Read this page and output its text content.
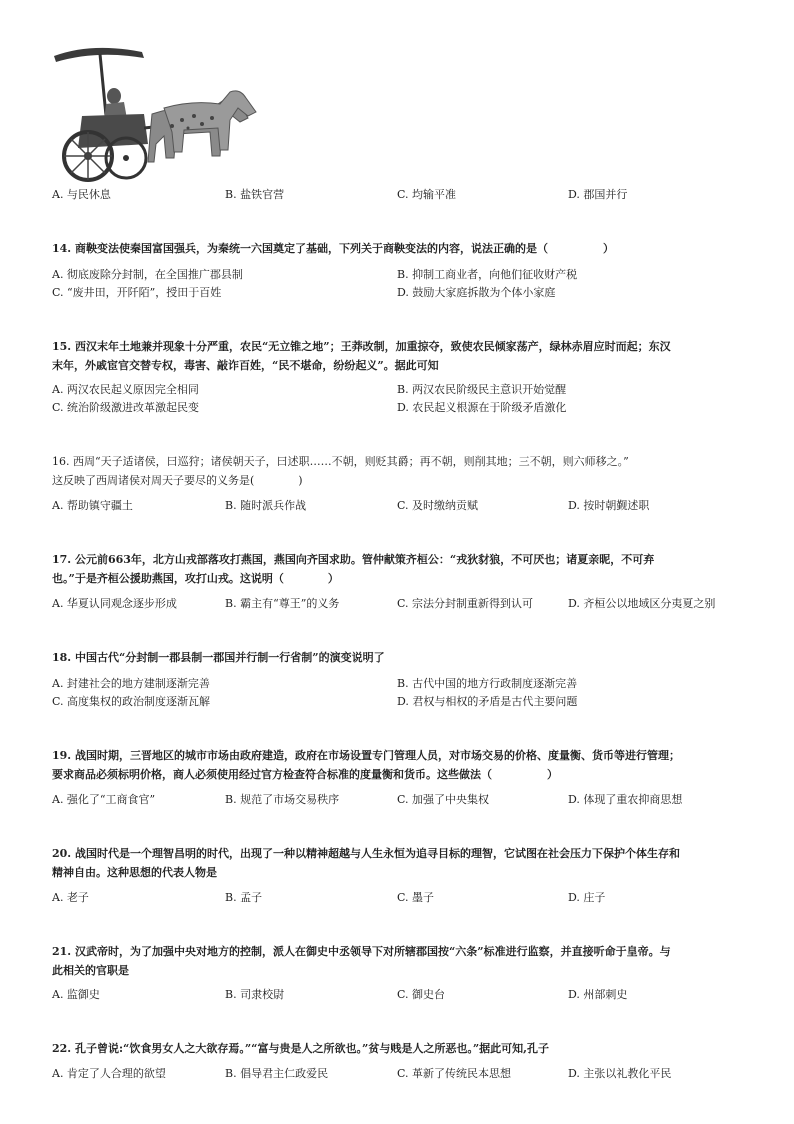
A. 与民休息	B. 盐铁官营	C. 均输平准	D. 郡国并行
14. 商鞅变法使秦国富国强兵，为秦统一六国奠定了基础，下列关于商鞅变法的内容，说法正确的是（　　　　　）
A. 彻底废除分封制，在全国推广郡县制	B. 抑制工商业者，向他们征收财产税
C. “废井田，开阡陌”，授田于百姓	D. 鼓励大家庭拆散为个体小家庭
15. 西汉末年土地兼并现象十分严重，农民“无立锥之地”；王莽改制，加重掠夺，致使农民倾家荡产，绿林赤眉应时而起；东汉
末年，外戚宦官交替专权，毒害、敲诈百姓，“民不堪命，纷纷起义”。据此可知
A. 两汉农民起义原因完全相同	B. 两汉农民阶级民主意识开始觉醒
C. 统治阶级激进改革激起民变	D. 农民起义根源在于阶级矛盾激化
16. 西周“天子适诸侯，曰巡狩；诸侯朝天子，曰述职……不朝，则贬其爵；再不朝，则削其地；三不朝，则六师移之。”
这反映了西周诸侯对周天子要尽的义务是(　　　　)
A. 帮助镇守疆土	B. 随时派兵作战	C. 及时缴纳贡赋	D. 按时朝觐述职
17. 公元前663年，北方山戎部落攻打燕国，燕国向齐国求助。管仲献策齐桓公：“戎狄豺狼，不可厌也；诸夏亲昵，不可弃
也。”于是齐桓公援助燕国，攻打山戎。这说明（　　　　）
A. 华夏认同观念逐步形成	B. 霸主有“尊王”的义务	C. 宗法分封制重新得到认可	D. 齐桓公以地域区分夷夏之别
18. 中国古代“分封制一郡县制一郡国并行制一行省制”的演变说明了
A. 封建社会的地方建制逐渐完善	B. 古代中国的地方行政制度逐渐完善
C. 高度集权的政治制度逐渐瓦解	D. 君权与相权的矛盾是古代主要问题
19. 战国时期，三晋地区的城市市场由政府建造，政府在市场设置专门管理人员，对市场交易的价格、度量衡、货币等进行管理；
要求商品必须标明价格，商人必须使用经过官方检查符合标准的度量衡和货币。这些做法（　　　　　）
A. 强化了“工商食官”	B. 规范了市场交易秩序	C. 加强了中央集权	D. 体现了重农抑商思想
20. 战国时代是一个理智昌明的时代，出现了一种以精神超越与人生永恒为追寻目标的理智，它试图在社会压力下保护个体生存和
精神自由。这种思想的代表人物是
A. 老子	B. 孟子	C. 墨子	D. 庄子
21. 汉武帝时，为了加强中央对地方的控制，派人在御史中丞领导下对所辖郡国按“六条”标准进行监察，并直接听命于皇帝。与
此相关的官职是
A. 监御史	B. 司隶校尉	C. 御史台	D. 州部刺史
22. 孔子曾说:“饮食男女人之大欲存焉。”“富与贵是人之所欲也。”贫与贱是人之所恶也。”据此可知,孔子
A. 肯定了人合理的欲望	B. 倡导君主仁政爱民	C. 革新了传统民本思想	D. 主张以礼教化平民
